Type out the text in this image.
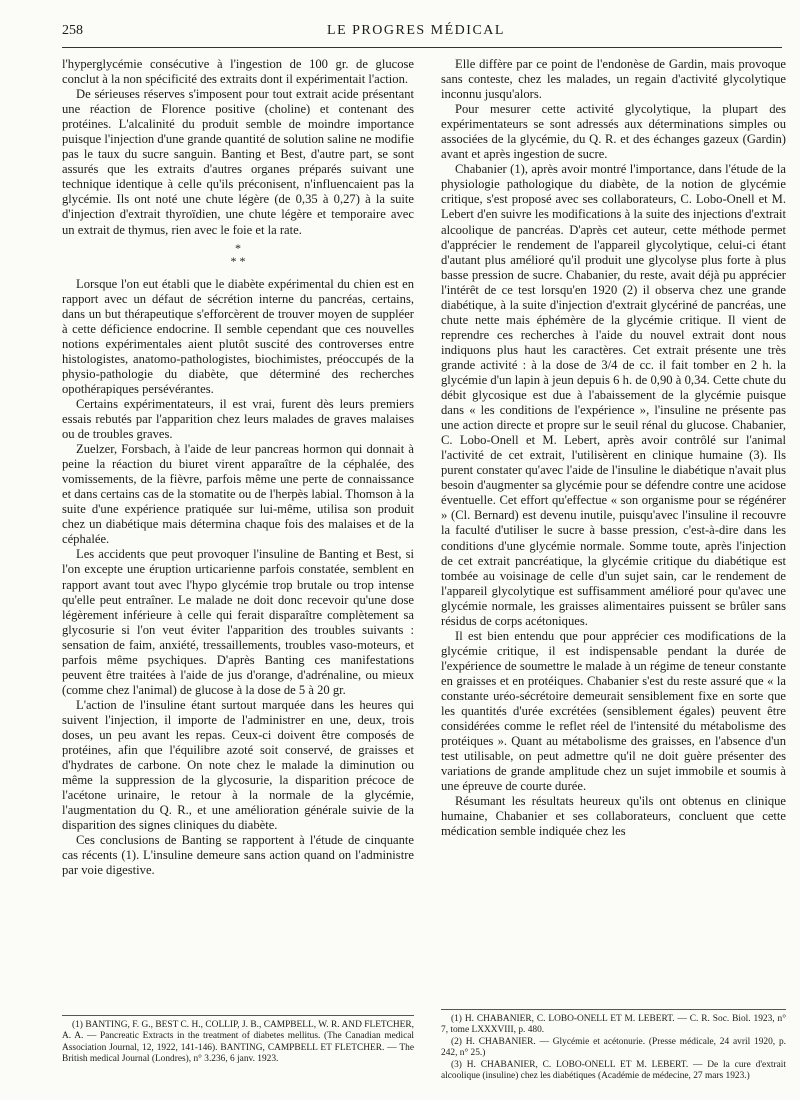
LE PROGRES MÉDICAL
258

l'hyperglycémie consécutive à l'ingestion de 100 gr. de glucose conclut à la non spécificité des extraits dont il expérimentait l'action.

De sérieuses réserves s'imposent pour tout extrait acide présentant une réaction de Florence positive (choline) et contenant des protéines. L'alcalinité du produit semble de moindre importance puisque l'injection d'une grande quantité de solution saline ne modifie pas le taux du sucre sanguin. Banting et Best, d'autre part, se sont assurés que les extraits d'autres organes préparés suivant une technique identique à celle qu'ils préconisent, n'influencaient pas la glycémie. Ils ont noté une chute légère (de 0,35 à 0,27) à la suite d'injection d'extrait thyroïdien, une chute légère et temporaire avec un extrait de thymus, rien avec le foie et la rate.

*
* *

Lorsque l'on eut établi que le diabète expérimental du chien est en rapport avec un défaut de sécrétion interne du pancréas, certains, dans un but thérapeutique s'efforcèrent de trouver moyen de suppléer à cette déficience endocrine. Il semble cependant que ces nouvelles notions expérimentales aient plutôt suscité des controverses entre histologistes, anatomo-pathologistes, biochimistes, préoccupés de la physio-pathologie du diabète, que déterminé des recherches opothérapiques persévérantes.

Certains expérimentateurs, il est vrai, furent dès leurs premiers essais rebutés par l'apparition chez leurs malades de graves malaises ou de troubles graves.

Zuelzer, Forsbach, à l'aide de leur pancreas hormon qui donnait à peine la réaction du biuret virent apparaître de la céphalée, des vomissements, de la fièvre, parfois même une perte de connaissance et dans certains cas de la stomatite ou de l'herpès labial. Thomson à la suite d'une expérience pratiquée sur lui-même, utilisa son produit chez un diabétique mais détermina chaque fois des malaises et de la céphalée.

Les accidents que peut provoquer l'insuline de Banting et Best, si l'on excepte une éruption urticarienne parfois constatée, semblent en rapport avant tout avec l'hypo glycémie trop brutale ou trop intense qu'elle peut entraîner. Le malade ne doit donc recevoir qu'une dose légèrement inférieure à celle qui ferait disparaître complètement sa glycosurie si l'on veut éviter l'apparition des troubles suivants : sensation de faim, anxiété, tressaillements, troubles vaso-moteurs, et parfois même psychiques. D'après Banting ces manifestations peuvent être traitées à l'aide de jus d'orange, d'adrénaline, ou mieux (comme chez l'animal) de glucose à la dose de 5 à 20 gr.

L'action de l'insuline étant surtout marquée dans les heures qui suivent l'injection, il importe de l'administrer en une, deux, trois doses, un peu avant les repas. Ceux-ci doivent être composés de protéines, afin que l'équilibre azoté soit conservé, de graisses et d'hydrates de carbone. On note chez le malade la diminution ou même la suppression de la glycosurie, la disparition précoce de l'acétone urinaire, le retour à la normale de la glycémie, l'augmentation du Q. R., et une amélioration générale suivie de la disparition des signes cliniques du diabète.

Ces conclusions de Banting se rapportent à l'étude de cinquante cas récents (1). L'insuline demeure sans action quand on l'administre par voie digestive.

Elle diffère par ce point de l'endonèse de Gardin, mais provoque sans conteste, chez les malades, un regain d'activité glycolytique inconnu jusqu'alors.

Pour mesurer cette activité glycolytique, la plupart des expérimentateurs se sont adressés aux déterminations simples ou associées de la glycémie, du Q. R. et des échanges gazeux (Gardin) avant et après ingestion de sucre.

Chabanier (1), après avoir montré l'importance, dans l'étude de la physiologie pathologique du diabète, de la notion de glycémie critique, s'est proposé avec ses collaborateurs, C. Lobo-Onell et M. Lebert d'en suivre les modifications à la suite des injections d'extrait alcoolique de pancréas. D'après cet auteur, cette méthode permet d'apprécier le rendement de l'appareil glycolytique, celui-ci étant d'autant plus amélioré qu'il produit une glycolyse plus forte à plus basse pression de sucre. Chabanier, du reste, avait déjà pu apprécier l'intérêt de ce test lorsqu'en 1920 (2) il observa chez une grande diabétique, à la suite d'injection d'extrait glycériné de pancréas, une chute nette mais éphémère de la glycémie critique. Il vient de reprendre ces recherches à l'aide du nouvel extrait dont nous indiquons plus haut les caractères. Cet extrait présente une très grande activité : à la dose de 3/4 de cc. il fait tomber en 2 h. la glycémie d'un lapin à jeun depuis 6 h. de 0,90 à 0,34. Cette chute du débit glycosique est due à l'abaissement de la glycémie puisque dans « les conditions de l'expérience », l'insuline ne présente pas une action directe et propre sur le seuil rénal du glucose. Chabanier, C. Lobo-Onell et M. Lebert, après avoir contrôlé sur l'animal l'activité de cet extrait, l'utilisèrent en clinique humaine (3). Ils purent constater qu'avec l'aide de l'insuline le diabétique n'avait plus besoin d'augmenter sa glycémie pour se défendre contre une acidose éventuelle. Cet effort qu'effectue « son organisme pour se régénérer » (Cl. Bernard) est devenu inutile, puisqu'avec l'insuline il recouvre la faculté d'utiliser le sucre à basse pression, c'est-à-dire dans les conditions d'une glycémie normale. Somme toute, après l'injection de cet extrait pancréatique, la glycémie critique du diabétique est tombée au voisinage de celle d'un sujet sain, car le rendement de l'appareil glycolytique est suffisamment amélioré pour qu'avec une glycémie normale, les graisses alimentaires puissent se brûler sans résidus de corps acétoniques.

Il est bien entendu que pour apprécier ces modifications de la glycémie critique, il est indispensable pendant la durée de l'expérience de soumettre le malade à un régime de teneur constante en graisses et en protéiques. Chabanier s'est du reste assuré que « la constante uréo-sécrétoire demeurait sensiblement fixe en sorte que les quantités d'urée excrétées (sensiblement égales) peuvent être considérées comme le reflet réel de l'intensité du métabolisme des protéiques ». Quant au métabolisme des graisses, en l'absence d'un test utilisable, on peut admettre qu'il ne doit guère présenter des variations de grande amplitude chez un sujet immobile et soumis à une épreuve de courte durée.

Résumant les résultats heureux qu'ils ont obtenus en clinique humaine, Chabanier et ses collaborateurs, concluent que cette médication semble indiquée chez les

(1) BANTING, F. G., BEST C. H., COLLIP, J. B., CAMPBELL, W. R. AND FLETCHER, A. A. — Pancreatic Extracts in the treatment of diabetes mellitus. (The Canadian medical Association Journal, 12, 1922, 141-146). BANTING, CAMPBELL ET FLETCHER. — The British medical Journal (Londres), n° 3.236, 6 janv. 1923.

(1) H. CHABANIER, C. LOBO-ONELL ET M. LEBERT. — C. R. Soc. Biol. 1923, n° 7, tome LXXXVIII, p. 480.

(2) H. CHABANIER. — Glycémie et acétonurie. (Presse médicale, 24 avril 1920, p. 242, n° 25.)

(3) H. CHABANIER, C. LOBO-ONELL ET M. LEBERT. — De la cure d'extrait alcoolique (insuline) chez les diabétiques (Académie de médecine, 27 mars 1923.)
